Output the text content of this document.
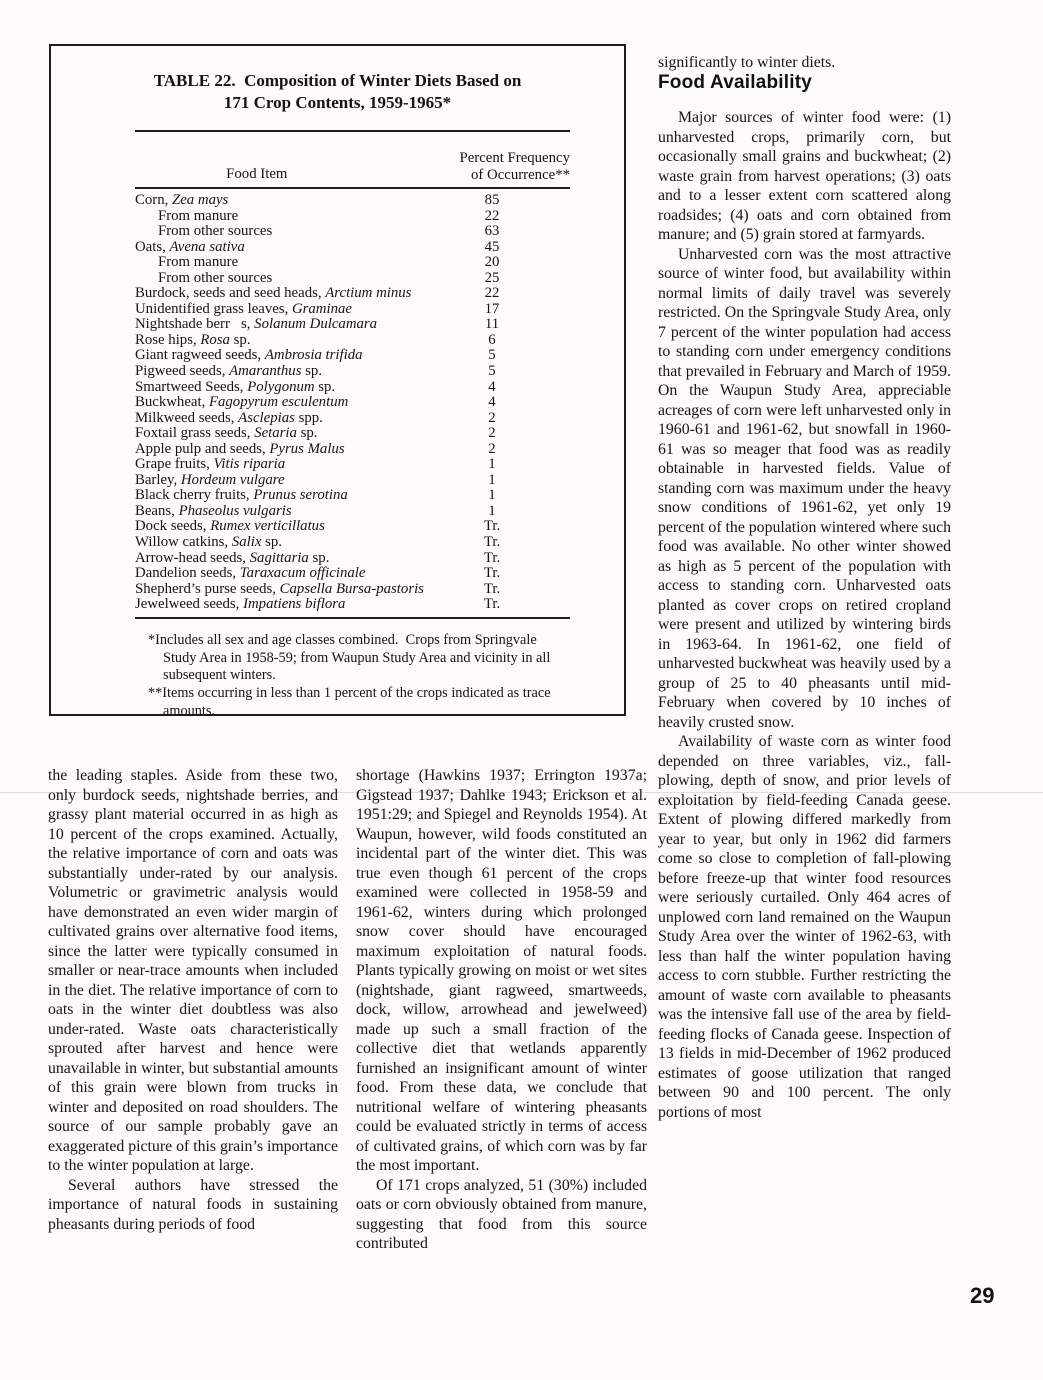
TABLE 22.  Composition of Winter Diets Based on
171 Crop Contents, 1959-1965*
Percent Frequency
of Occurrence**
Food Item
Corn, Zea mays	85
From manure	22
From other sources	63
Oats, Avena sativa	45
From manure	20
From other sources	25
Burdock, seeds and seed heads, Arctium minus	22
Unidentified grass leaves, Graminae	17
Nightshade berr   s, Solanum Dulcamara	11
Rose hips, Rosa sp.	6
Giant ragweed seeds, Ambrosia trifida	5
Pigweed seeds, Amaranthus sp.	5
Smartweed Seeds, Polygonum sp.	4
Buckwheat, Fagopyrum esculentum	4
Milkweed seeds, Asclepias spp.	2
Foxtail grass seeds, Setaria sp.	2
Apple pulp and seeds, Pyrus Malus	2
Grape fruits, Vitis riparia	1
Barley, Hordeum vulgare	1
Black cherry fruits, Prunus serotina	1
Beans, Phaseolus vulgaris	1
Dock seeds, Rumex verticillatus	Tr.
Willow catkins, Salix sp.	Tr.
Arrow-head seeds, Sagittaria sp.	Tr.
Dandelion seeds, Taraxacum officinale	Tr.
Shepherd’s purse seeds, Capsella Bursa-pastoris	Tr.
Jewelweed seeds, Impatiens biflora	Tr.
*Includes all sex and age classes combined.  Crops from Springvale Study Area in 1958-59; from Waupun Study Area and vicinity in all subsequent winters.
**Items occurring in less than 1 percent of the crops indicated as trace amounts.

the leading staples. Aside from these two, only burdock seeds, nightshade berries, and grassy plant material occurred in as high as 10 percent of the crops examined. Actually, the relative importance of corn and oats was substantially under-rated by our analysis. Volumetric or gravimetric analysis would have demonstrated an even wider margin of cultivated grains over alternative food items, since the latter were typically consumed in smaller or near-trace amounts when included in the diet. The relative importance of corn to oats in the winter diet doubtless was also under-rated. Waste oats characteristically sprouted after harvest and hence were unavailable in winter, but substantial amounts of this grain were blown from trucks in winter and deposited on road shoulders. The source of our sample probably gave an exaggerated picture of this grain’s importance to the winter population at large.

Several authors have stressed the importance of natural foods in sustaining pheasants during periods of food

shortage (Hawkins 1937; Errington 1937a; Gigstead 1937; Dahlke 1943; Erickson et al. 1951:29; and Spiegel and Reynolds 1954). At Waupun, however, wild foods constituted an incidental part of the winter diet. This was true even though 61 percent of the crops examined were collected in 1958-59 and 1961-62, winters during which prolonged snow cover should have encouraged maximum exploitation of natural foods. Plants typically growing on moist or wet sites (nightshade, giant ragweed, smartweeds, dock, willow, arrowhead and jewelweed) made up such a small fraction of the collective diet that wetlands apparently furnished an insignificant amount of winter food. From these data, we conclude that nutritional welfare of wintering pheasants could be evaluated strictly in terms of access of cultivated grains, of which corn was by far the most important.

Of 171 crops analyzed, 51 (30%) included oats or corn obviously obtained from manure, suggesting that food from this source contributed

significantly to winter diets.

Food Availability

Major sources of winter food were: (1) unharvested crops, primarily corn, but occasionally small grains and buckwheat; (2) waste grain from harvest operations; (3) oats and to a lesser extent corn scattered along roadsides; (4) oats and corn obtained from manure; and (5) grain stored at farmyards.

Unharvested corn was the most attractive source of winter food, but availability within normal limits of daily travel was severely restricted. On the Springvale Study Area, only 7 percent of the winter population had access to standing corn under emergency conditions that prevailed in February and March of 1959. On the Waupun Study Area, appreciable acreages of corn were left unharvested only in 1960-61 and 1961-62, but snowfall in 1960-61 was so meager that food was as readily obtainable in harvested fields. Value of standing corn was maximum under the heavy snow conditions of 1961-62, yet only 19 percent of the population wintered where such food was available. No other winter showed as high as 5 percent of the population with access to standing corn. Unharvested oats planted as cover crops on retired cropland were present and utilized by wintering birds in 1963-64. In 1961-62, one field of unharvested buckwheat was heavily used by a group of 25 to 40 pheasants until mid-February when covered by 10 inches of heavily crusted snow.

Availability of waste corn as winter food depended on three variables, viz., fall-plowing, depth of snow, and prior levels of exploitation by field-feeding Canada geese. Extent of plowing differed markedly from year to year, but only in 1962 did farmers come so close to completion of fall-plowing before freeze-up that winter food resources were seriously curtailed. Only 464 acres of unplowed corn land remained on the Waupun Study Area over the winter of 1962-63, with less than half the winter population having access to corn stubble. Further restricting the amount of waste corn available to pheasants was the intensive fall use of the area by field-feeding flocks of Canada geese. Inspection of 13 fields in mid-December of 1962 produced estimates of goose utilization that ranged between 90 and 100 percent. The only portions of most

29
